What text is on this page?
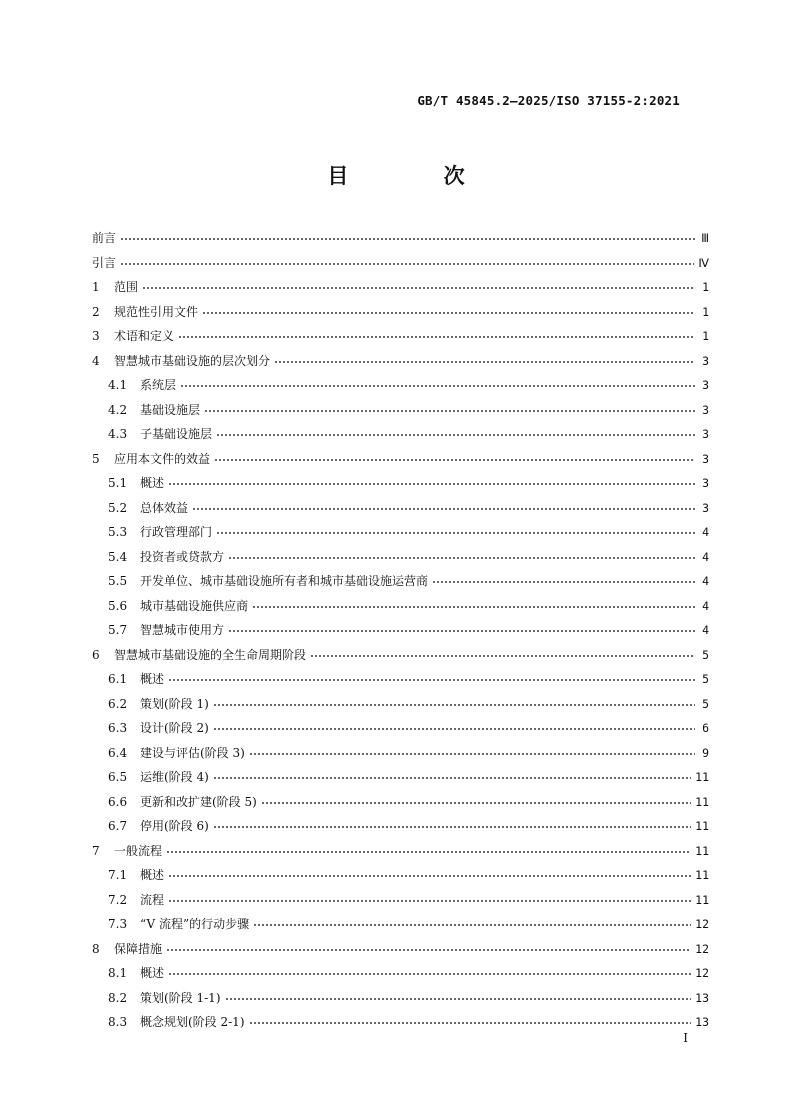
GB/T 45845.2—2025/ISO 37155-2:2021
目 次
前言	Ⅲ
引言	Ⅳ
1	范围	1
2	规范性引用文件	1
3	术语和定义	1
4	智慧城市基础设施的层次划分	3
4.1	系统层	3
4.2	基础设施层	3
4.3	子基础设施层	3
5	应用本文件的效益	3
5.1	概述	3
5.2	总体效益	3
5.3	行政管理部门	4
5.4	投资者或贷款方	4
5.5	开发单位、城市基础设施所有者和城市基础设施运营商	4
5.6	城市基础设施供应商	4
5.7	智慧城市使用方	4
6	智慧城市基础设施的全生命周期阶段	5
6.1	概述	5
6.2	策划(阶段 1)	5
6.3	设计(阶段 2)	6
6.4	建设与评估(阶段 3)	9
6.5	运维(阶段 4)	11
6.6	更新和改扩建(阶段 5)	11
6.7	停用(阶段 6)	11
7	一般流程	11
7.1	概述	11
7.2	流程	11
7.3	“V 流程”的行动步骤	12
8	保障措施	12
8.1	概述	12
8.2	策划(阶段 1-1)	13
8.3	概念规划(阶段 2-1)	13
Ⅰ
